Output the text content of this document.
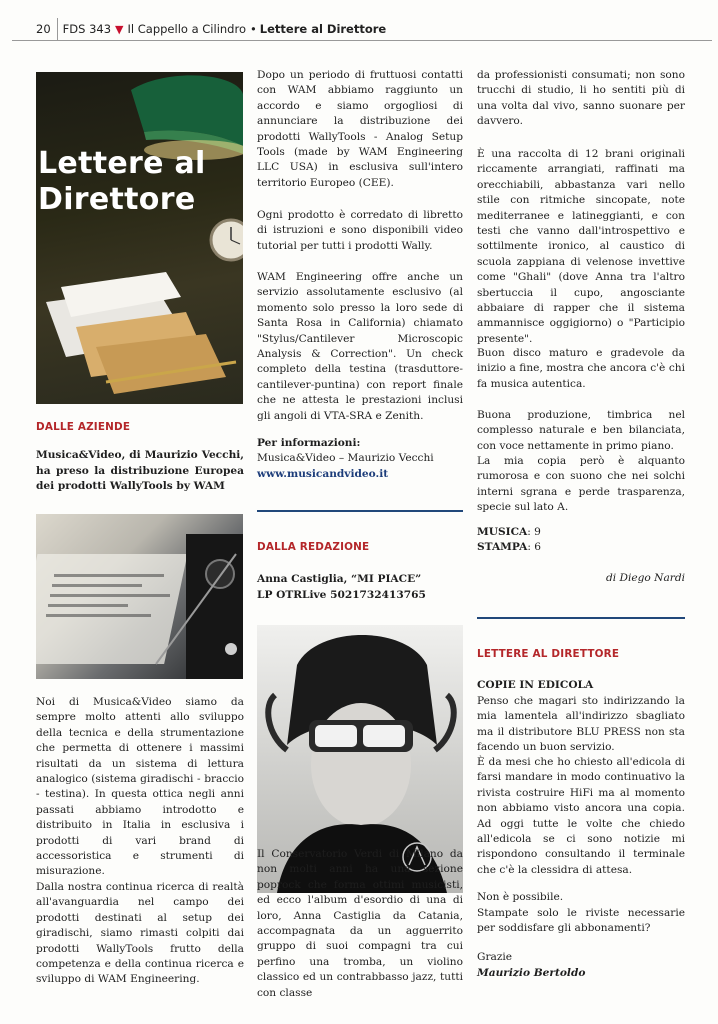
20	FDS 343 ▼ Il Cappello a Cilindro • Lettere al Direttore
Lettere al
Direttore
DALLE AZIENDE

Musica&Video, di Maurizio Vecchi, ha preso la distribuzione Europea dei prodotti WallyTools by WAM

Noi di Musica&Video siamo da sempre molto attenti allo sviluppo della tecnica e della strumentazione che permetta di ottenere i massimi risultati da un sistema di lettura analogico (sistema giradischi - braccio - testina). In questa ottica negli anni passati abbiamo introdotto e distribuito in Italia in esclusiva i prodotti di vari brand di accessoristica e strumenti di misurazione.

Dalla nostra continua ricerca di realtà all'avanguardia nel campo dei prodotti destinati al setup dei giradischi, siamo rimasti colpiti dai prodotti WallyTools frutto della competenza e della continua ricerca e sviluppo di WAM Engineering.

Dopo un periodo di fruttuosi contatti con WAM abbiamo raggiunto un accordo e siamo orgogliosi di annunciare la distribuzione dei prodotti WallyTools - Analog Setup Tools (made by WAM Engineering LLC USA) in esclusiva sull'intero territorio Europeo (CEE).

Ogni prodotto è corredato di libretto di istruzioni e sono disponibili video tutorial per tutti i prodotti Wally.

WAM Engineering offre anche un servizio assolutamente esclusivo (al momento solo presso la loro sede di Santa Rosa in California) chiamato "Stylus/Cantilever Microscopic Analysis & Correction". Un check completo della testina (trasduttore-cantilever-puntina) con report finale che ne attesta le prestazioni inclusi gli angoli di VTA-SRA e Zenith.

Per informazioni:
Musica&Video – Maurizio Vecchi
www.musicandvideo.it
DALLA REDAZIONE
Anna Castiglia, “MI PIACE”
LP OTRLive 5021732413765

Il Conservatorio Verdi di Milano da non molti anni ha una sezione poprock che forma ottimi musicisti, ed ecco l'album d'esordio di una di loro, Anna Castiglia da Catania, accompagnata da un agguerrito gruppo di suoi compagni tra cui perfino una tromba, un violino classico ed un contrabbasso jazz, tutti con classe

da professionisti consumati; non sono trucchi di studio, li ho sentiti più di una volta dal vivo, sanno suonare per davvero.

È una raccolta di 12 brani originali riccamente arrangiati, raffinati ma orecchiabili, abbastanza vari nello stile con ritmiche sincopate, note mediterranee e latineggianti, e con testi che vanno dall'introspettivo e sottilmente ironico, al caustico di scuola zappiana di velenose invettive come "Ghali" (dove Anna tra l'altro sbertuccia il cupo, angosciante abbaiare di rapper che il sistema ammannisce oggigiorno) o "Participio presente".

Buon disco maturo e gradevole da inizio a fine, mostra che ancora c'è chi fa musica autentica.

Buona produzione, timbrica nel complesso naturale e ben bilanciata, con voce nettamente in primo piano.

La mia copia però è alquanto rumorosa e con suono che nei solchi interni sgrana e perde trasparenza, specie sul lato A.

MUSICA: 9
STAMPA: 6
di Diego Nardi
LETTERE AL DIRETTORE
COPIE IN EDICOLA

Penso che magari sto indirizzando la mia lamentela all'indirizzo sbagliato ma il distributore BLU PRESS non sta facendo un buon servizio.

È da mesi che ho chiesto all'edicola di farsi mandare in modo continuativo la rivista costruire HiFi ma al momento non abbiamo visto ancora una copia. Ad oggi tutte le volte che chiedo all'edicola se ci sono notizie mi rispondono consultando il terminale che c'è la clessidra di attesa.

Non è possibile.

Stampate solo le riviste necessarie per soddisfare gli abbonamenti?

Grazie
Maurizio Bertoldo
